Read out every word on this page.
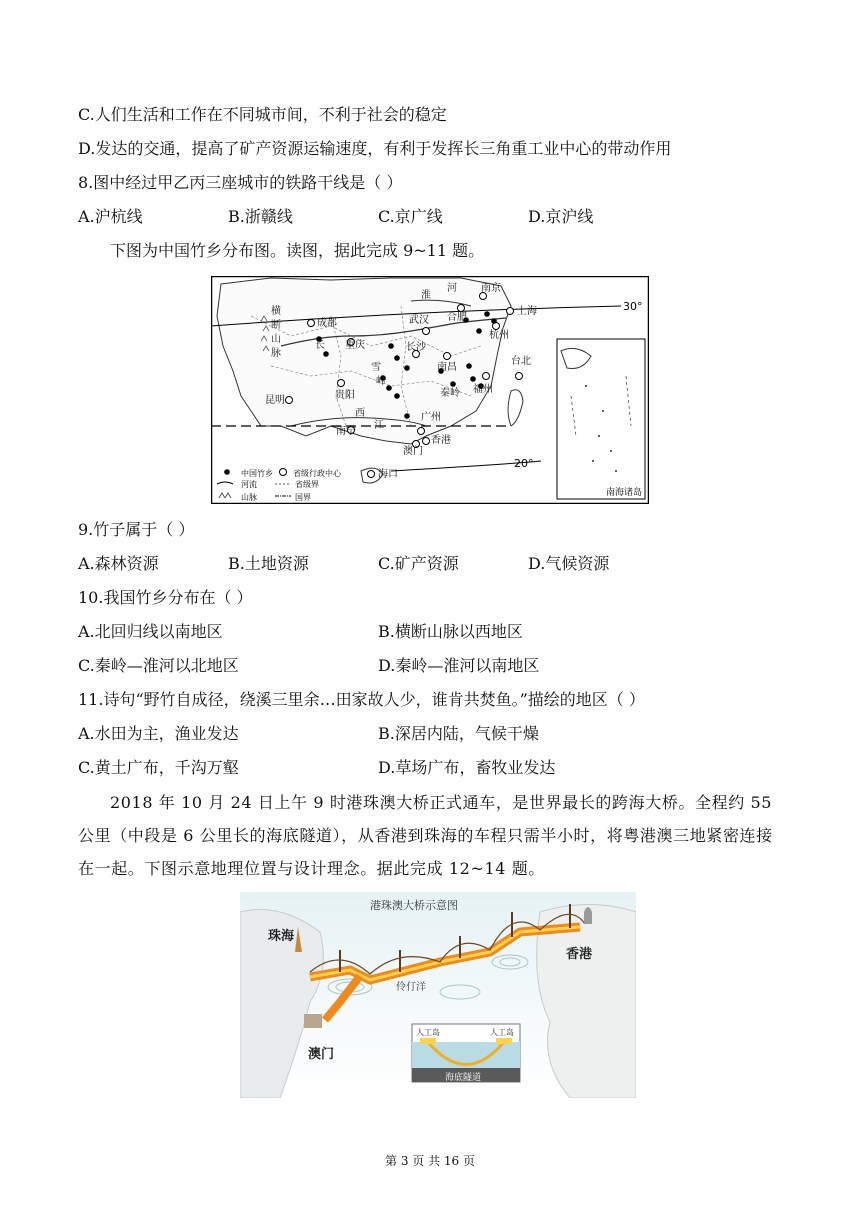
C.人们生活和工作在不同城市间，不利于社会的稳定
D.发达的交通，提高了矿产资源运输速度，有利于发挥长三角重工业中心的带动作用
8.图中经过甲乙丙三座城市的铁路干线是（ ）
A.沪杭线	B.浙赣线	C.京广线	D.京沪线
下图为中国竹乡分布图。读图，据此完成 9~11 题。
30°
20°
南海诸岛
成都
重庆
贵阳
昆明
南宁
武汉
长沙
南昌
杭州
上海
南京
合肥
福州
台北
广州
香港
澳门
海口
淮
河
长
江
横
断
山
脉
雪
峰
秦岭
西
中国竹乡	省级行政中心
河流	省级界
山脉	国界
9.竹子属于（ ）
A.森林资源	B.土地资源	C.矿产资源	D.气候资源
10.我国竹乡分布在（ ）
A.北回归线以南地区	B.横断山脉以西地区
C.秦岭—淮河以北地区	D.秦岭—淮河以南地区
11.诗句“野竹自成径，绕溪三里余…田家故人少，谁肯共焚鱼。”描绘的地区（ ）
A.水田为主，渔业发达	B.深居内陆，气候干燥
C.黄土广布，千沟万壑	D.草场广布，畜牧业发达
2018 年 10 月 24 日上午 9 时港珠澳大桥正式通车，是世界最长的跨海大桥。全程约 55 公里（中段是 6 公里长的海底隧道），从香港到珠海的车程只需半小时，将粤港澳三地紧密连接在一起。下图示意地理位置与设计理念。据此完成 12~14 题。
港珠澳大桥示意图
珠海
香港
澳门
伶仃洋
人工岛	人工岛
海底隧道
第 3 页 共 16 页
